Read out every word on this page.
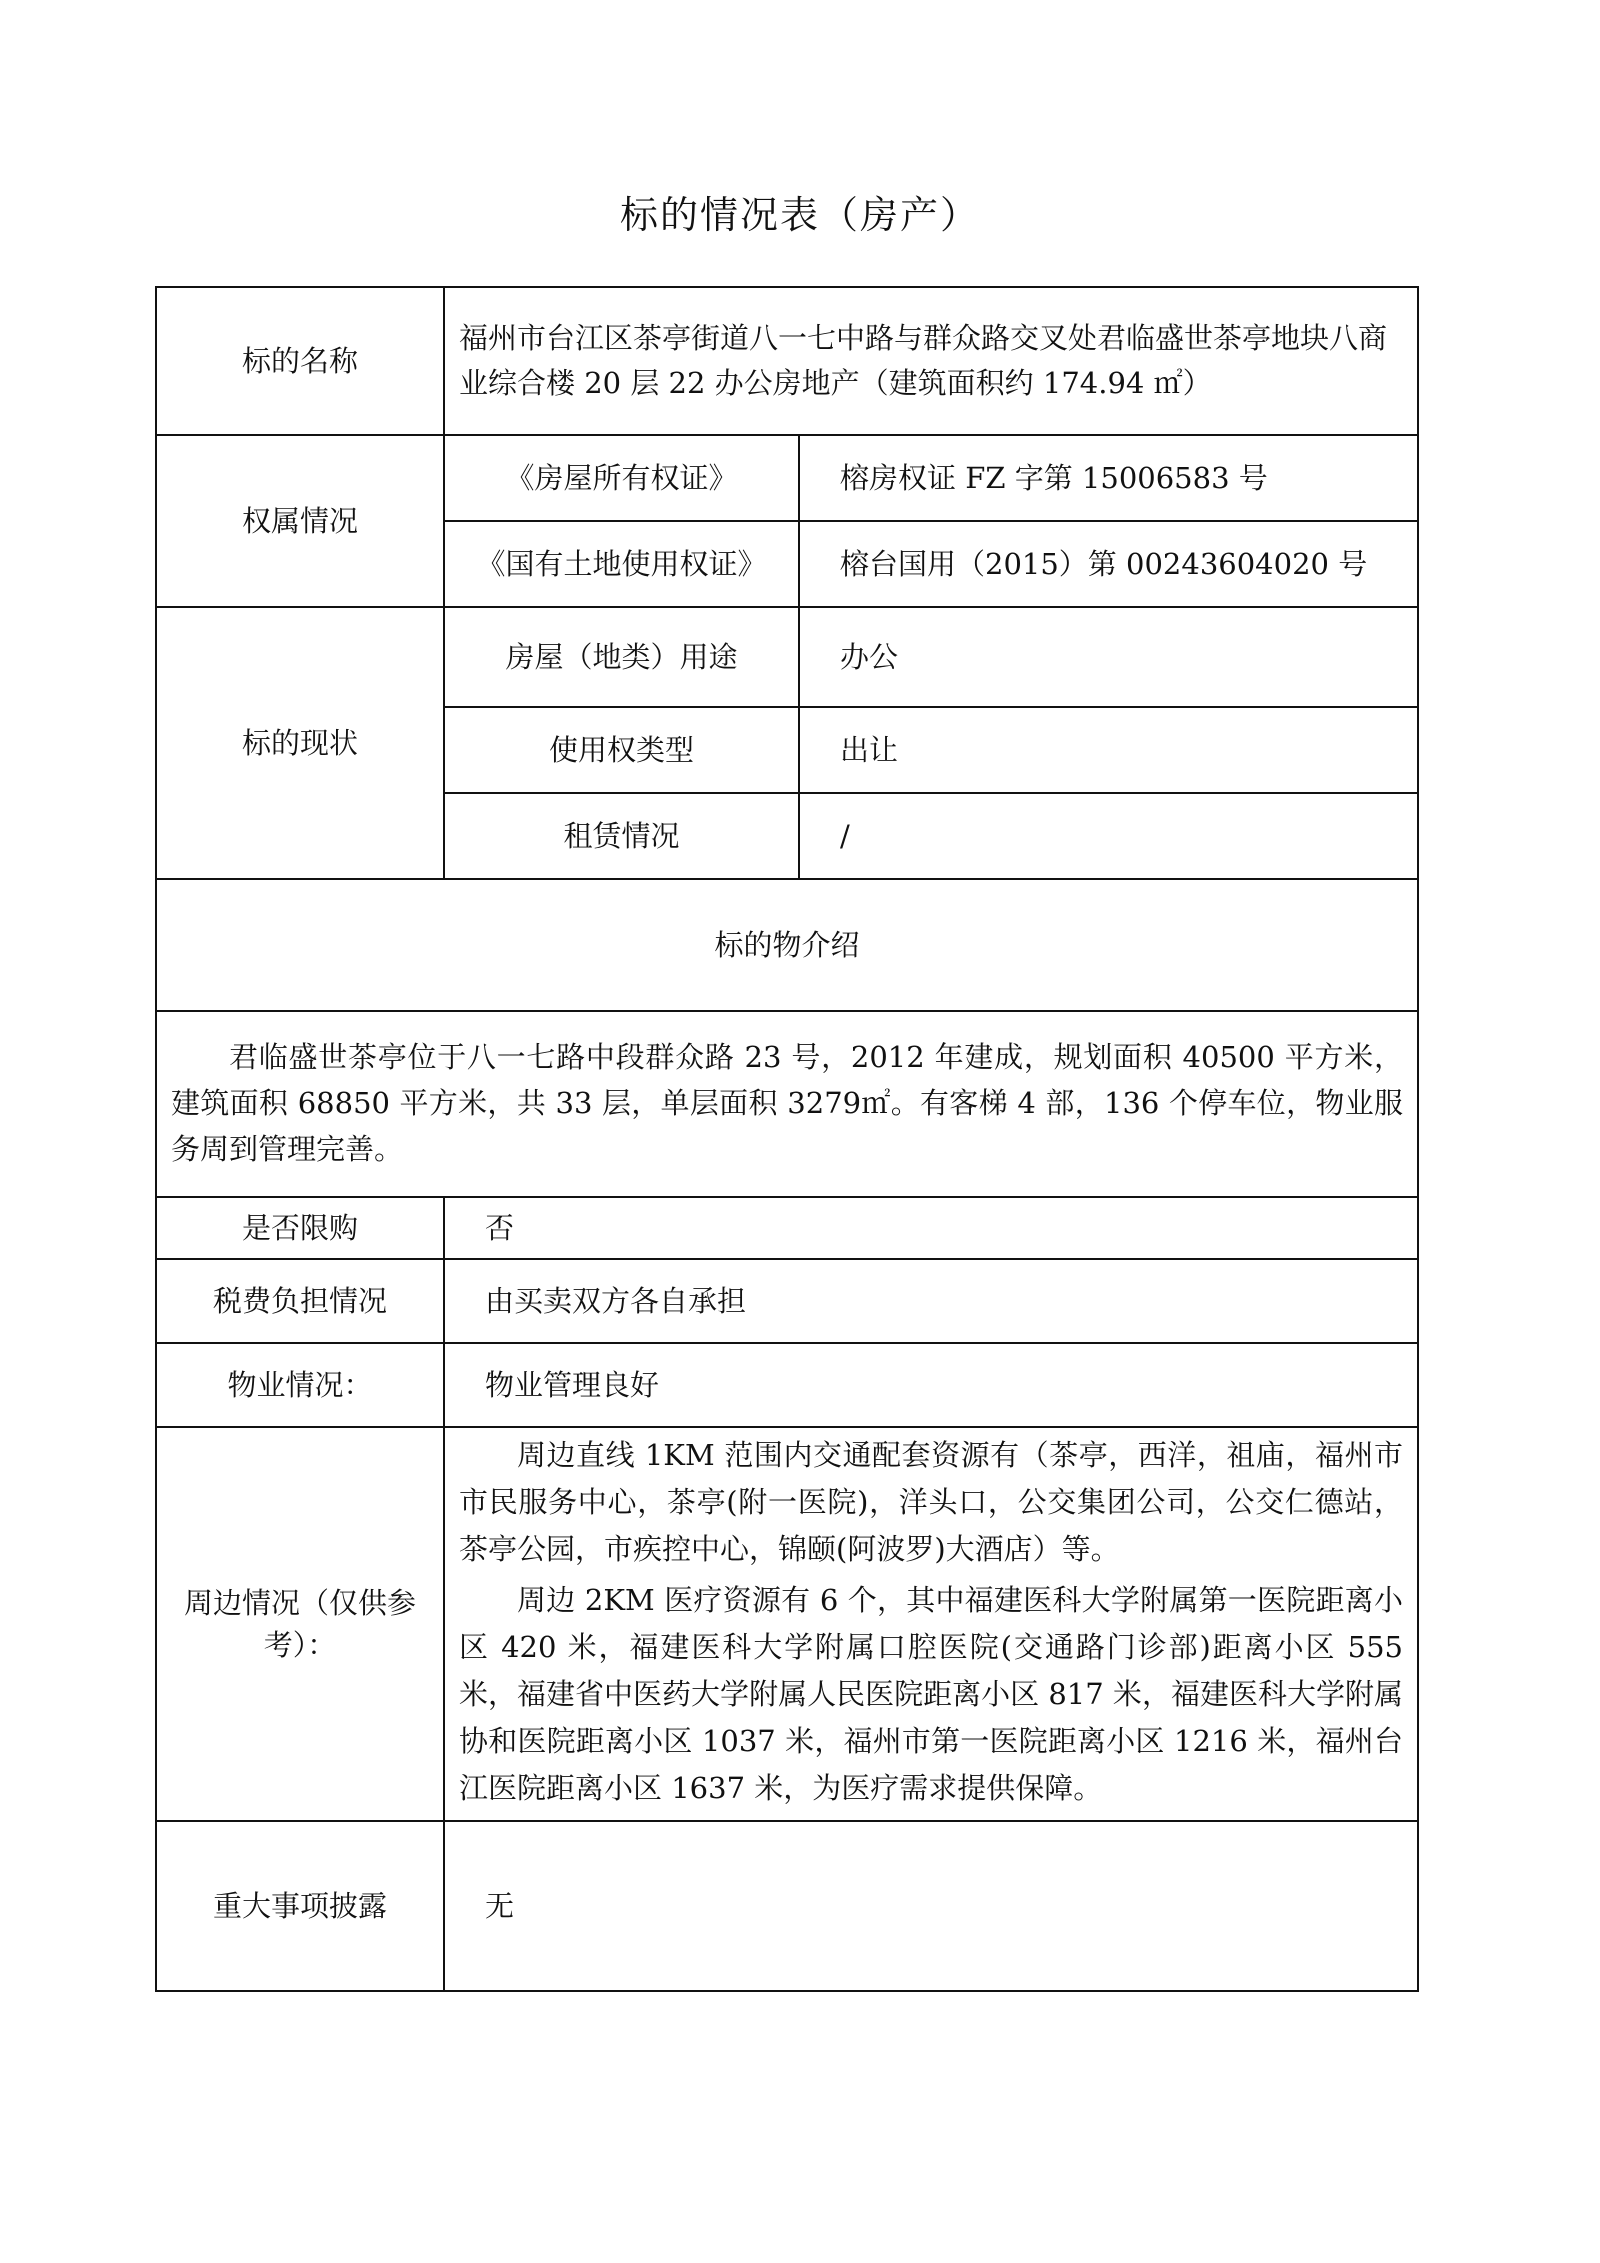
标的情况表（房产）
标的名称	福州市台江区茶亭街道八一七中路与群众路交叉处君临盛世茶亭地块八商业综合楼 20 层 22 办公房地产（建筑面积约 174.94 ㎡）	
权属情况	《房屋所有权证》	榕房权证 FZ 字第 15006583 号
	《国有土地使用权证》	榕台国用（2015）第 00243604020 号
标的现状	房屋（地类）用途	办公
	使用权类型	出让
	租赁情况	/
标的物介绍		

君临盛世茶亭位于八一七路中段群众路 23 号，2012 年建成，规划面积 40500 平方米，建筑面积 68850 平方米，共 33 层，单层面积 3279㎡。有客梯 4 部，136 个停车位，物业服务周到管理完善。		

是否限购	否	
税费负担情况	由买卖双方各自承担	
物业情况：	物业管理良好	
周边情况（仅供参考）：	周边直线 1KM 范围内交通配套资源有（茶亭，西洋，祖庙，福州市市民服务中心，茶亭(附一医院)，洋头口，公交集团公司，公交仁德站，茶亭公园，市疾控中心，锦颐(阿波罗)大酒店）等。

周边 2KM 医疗资源有 6 个，其中福建医科大学附属第一医院距离小区 420 米，福建医科大学附属口腔医院(交通路门诊部)距离小区 555 米，福建省中医药大学附属人民医院距离小区 817 米，福建医科大学附属协和医院距离小区 1037 米，福州市第一医院距离小区 1216 米，福州台江医院距离小区 1637 米，为医疗需求提供保障。	

重大事项披露	无	
